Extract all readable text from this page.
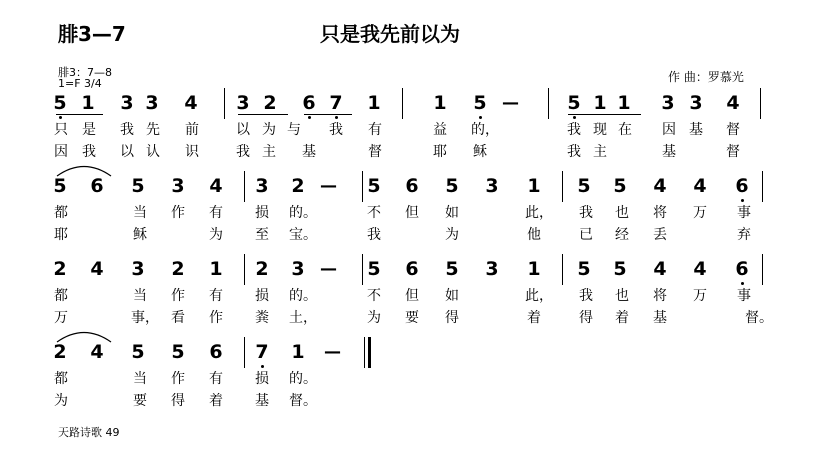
腓3—7	只是我先前以为
腓3：7—8
1=F 3/4	作 曲：罗慕光
天路诗歌 49
5 1 3 3 4 3 2 6 7 1	1 5 —	5 1 1 3 3 4
只 是 我 先 前	以 为 与 我 有	益 的，	我 现 在 因 基 督
因 我 以 认 识	我 主 基	督	耶 稣	我 主	基	督
5 6 5 3 4 3 2 — 5 6 5 3 1 5 5 4 4 6
都	当 作 有 损 的。	不 但 如	此， 我 也 将 万 事
耶	稣	为 至 宝。	我	为	他	已 经 丢	弃
2 4 3 2 1 2 3 — 5 6 5 3 1 5 5 4 4 6
都	当 作 有 损 的。	不 但 如	此， 我 也 将 万 事
万	事， 看 作 粪 土，	为 要 得	着	得 着 基	督。
2 4 5 5 6 7 1 —
都	当 作 有 损 的。
为	要 得 着 基 督。
